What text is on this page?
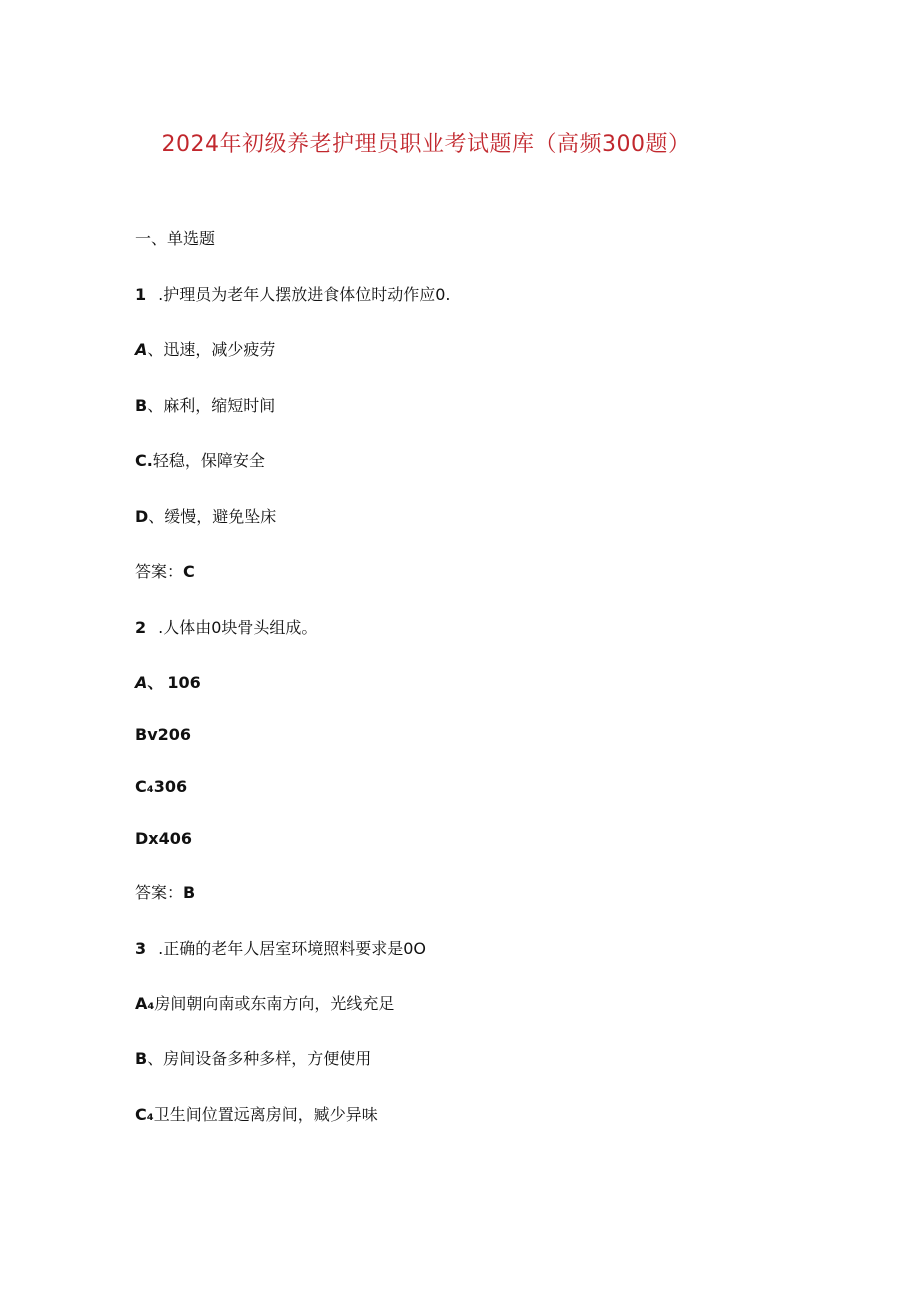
2024年初级养老护理员职业考试题库（高频300题）
一、单选题
1 .护理员为老年人摆放进食体位时动作应0.
A、迅速，减少疲劳
B、麻利，缩短时间
C.轻稳，保障安全
D、缓慢，避免坠床
答案：C
2 .人体由0块骨头组成。
A、 106
Bv206
C₄306
Dx406
答案：B
3 .正确的老年人居室环境照料要求是0O
A₄房间朝向南或东南方向，光线充足
B、房间设备多种多样，方便使用
C₄卫生间位置远离房间，臧少异味
